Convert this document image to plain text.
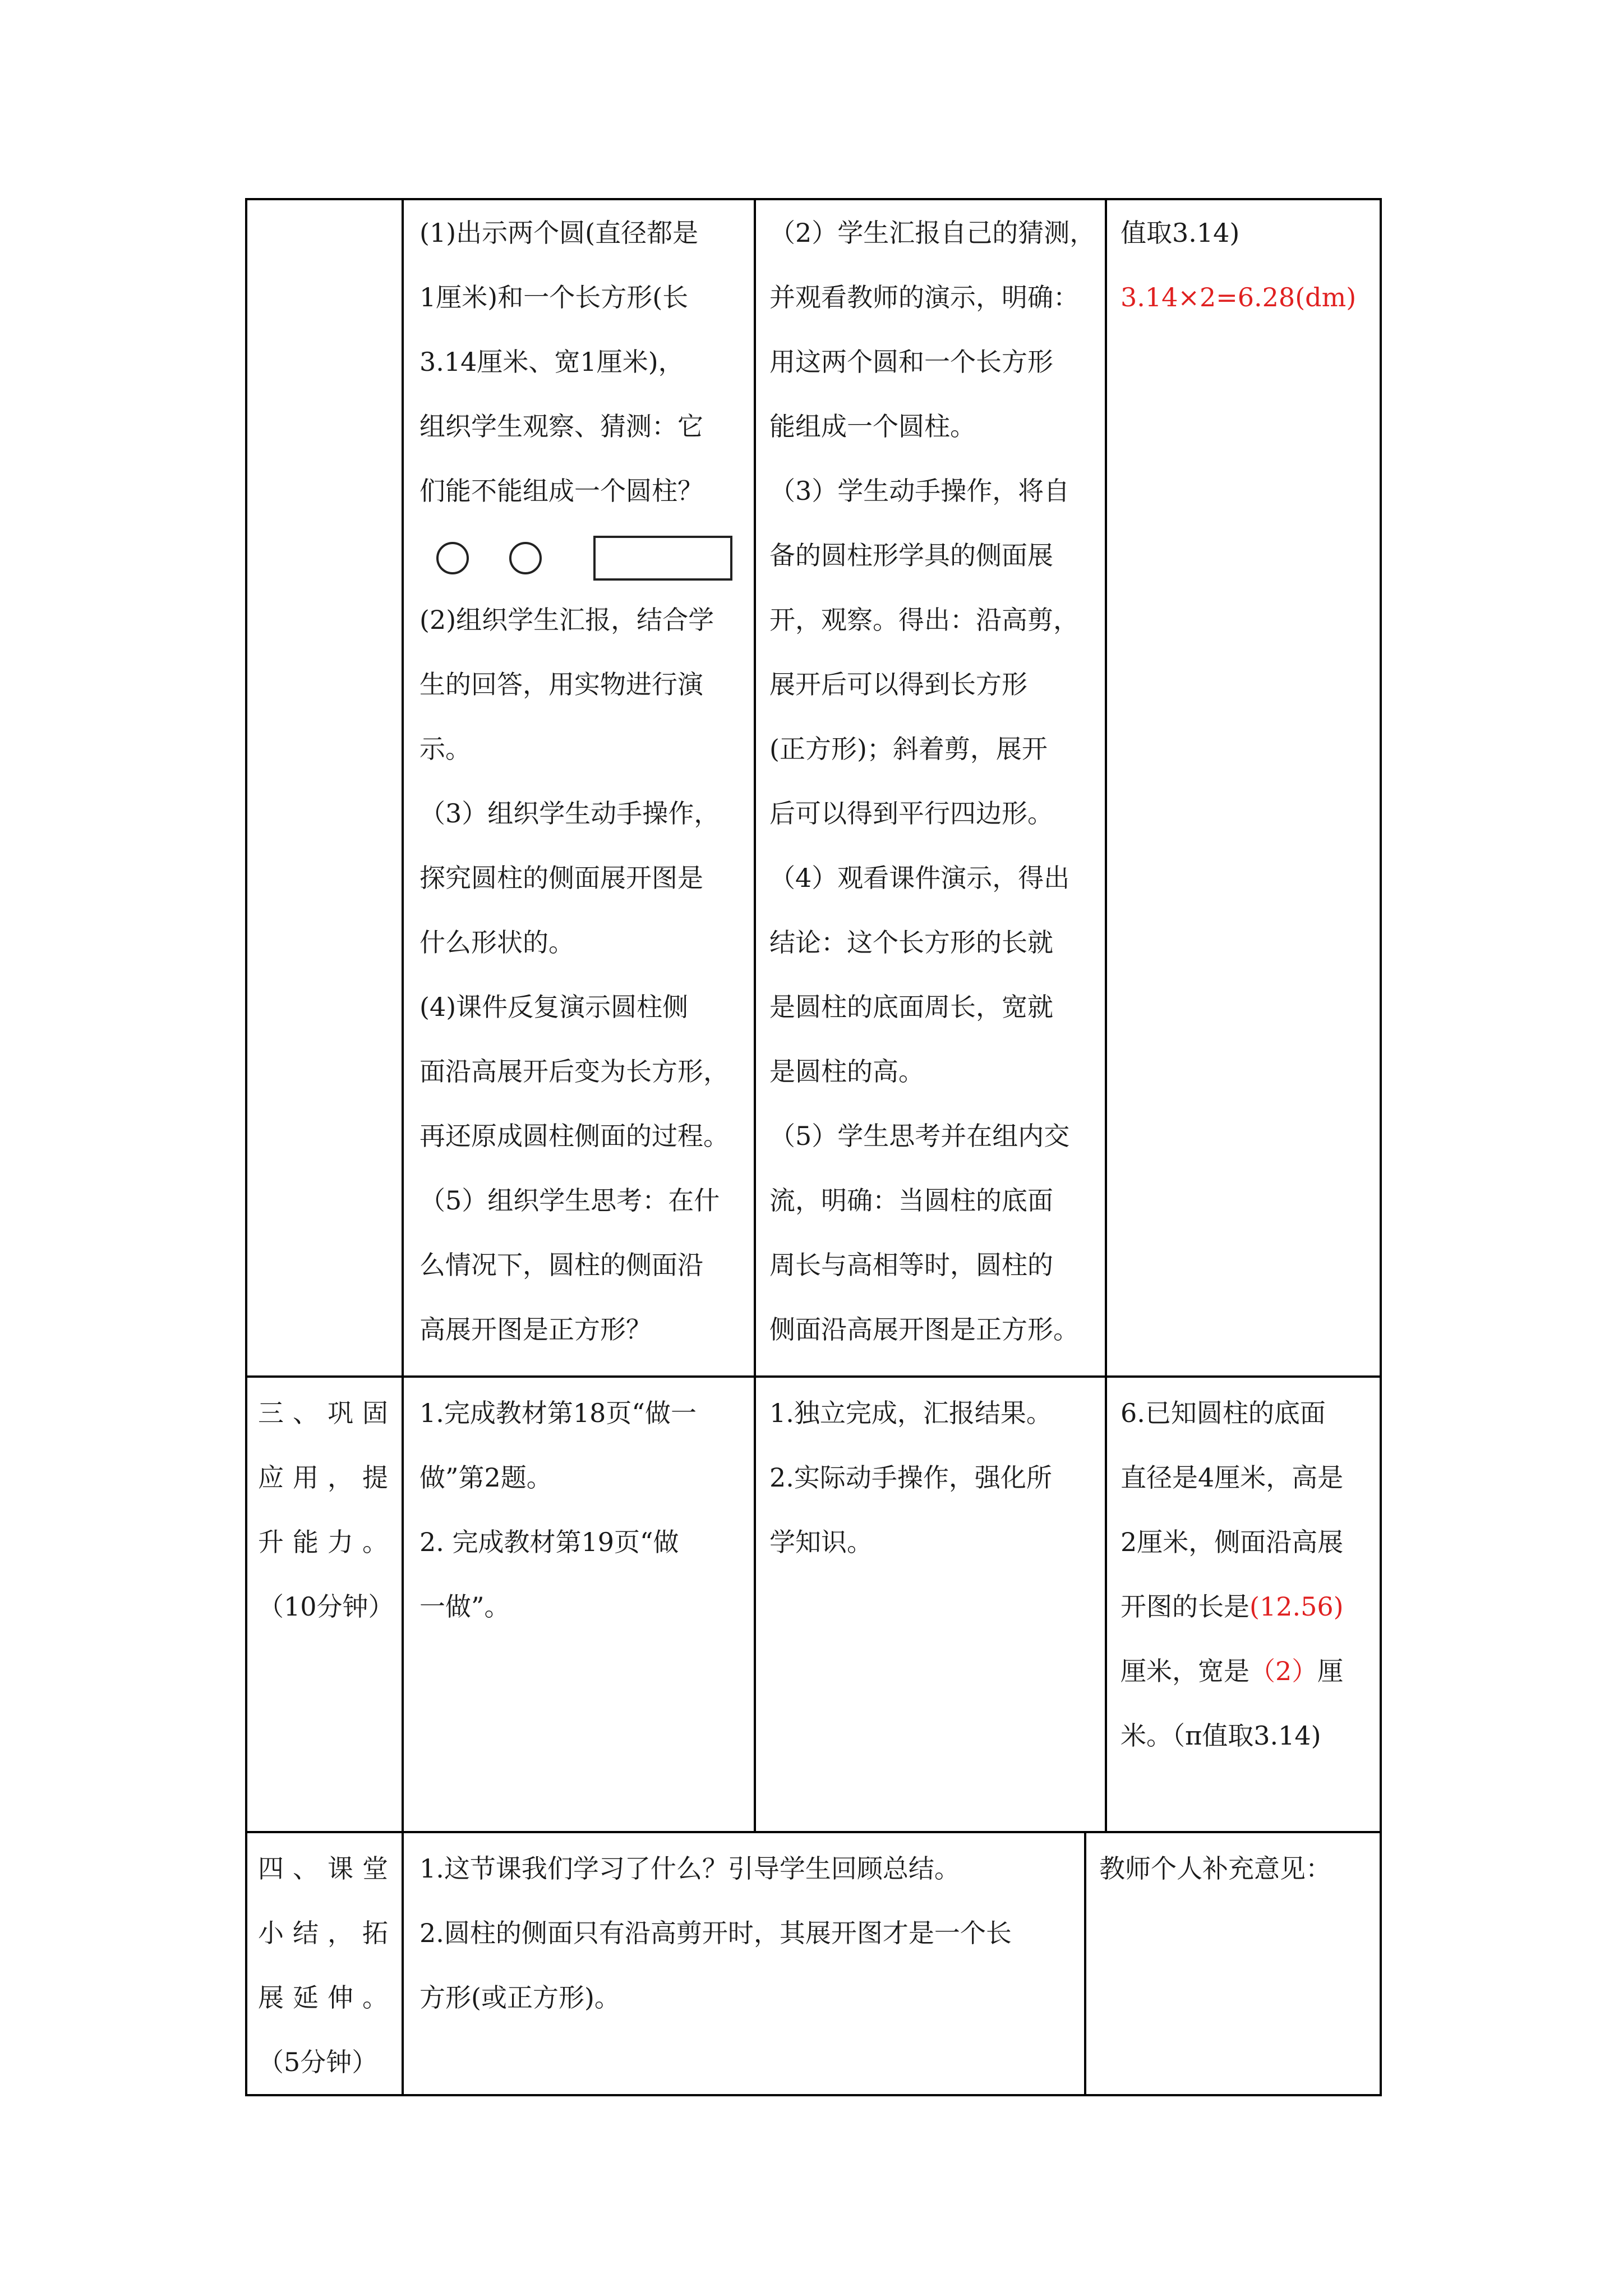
(1)出示两个圆(直径都是

1厘米)和一个长方形(长

3.14厘米、宽1厘米)，

组织学生观察、猜测：它

们能不能组成一个圆柱？

(2)组织学生汇报，结合学

生的回答，用实物进行演

示。

（3）组织学生动手操作，

探究圆柱的侧面展开图是

什么形状的。

(4)课件反复演示圆柱侧

面沿高展开后变为长方形，

再还原成圆柱侧面的过程。

（5）组织学生思考：在什

么情况下，圆柱的侧面沿

高展开图是正方形？

（2）学生汇报自己的猜测，

并观看教师的演示，明确：

用这两个圆和一个长方形

能组成一个圆柱。

（3）学生动手操作，将自

备的圆柱形学具的侧面展

开，观察。得出：沿高剪，

展开后可以得到长方形

(正方形)；斜着剪，展开

后可以得到平行四边形。

（4）观看课件演示，得出

结论：这个长方形的长就

是圆柱的底面周长，宽就

是圆柱的高。

（5）学生思考并在组内交

流，明确：当圆柱的底面

周长与高相等时，圆柱的

侧面沿高展开图是正方形。

值取3.14)

3.14×2=6.28(dm)

三、巩固

应用，提

升能力。

（10分钟）

1.完成教材第18页“做一

做”第2题。

2. 完成教材第19页“做

一做”。

1.独立完成，汇报结果。

2.实际动手操作，强化所

学知识。

6.已知圆柱的底面

直径是4厘米，高是

2厘米，侧面沿高展

开图的长是(12.56)

厘米，宽是（2）厘

米。（π值取3.14)

四、课堂

小结，拓

展延伸。

（5分钟）

1.这节课我们学习了什么？引导学生回顾总结。

2.圆柱的侧面只有沿高剪开时，其展开图才是一个长

方形(或正方形)。

教师个人补充意见：
